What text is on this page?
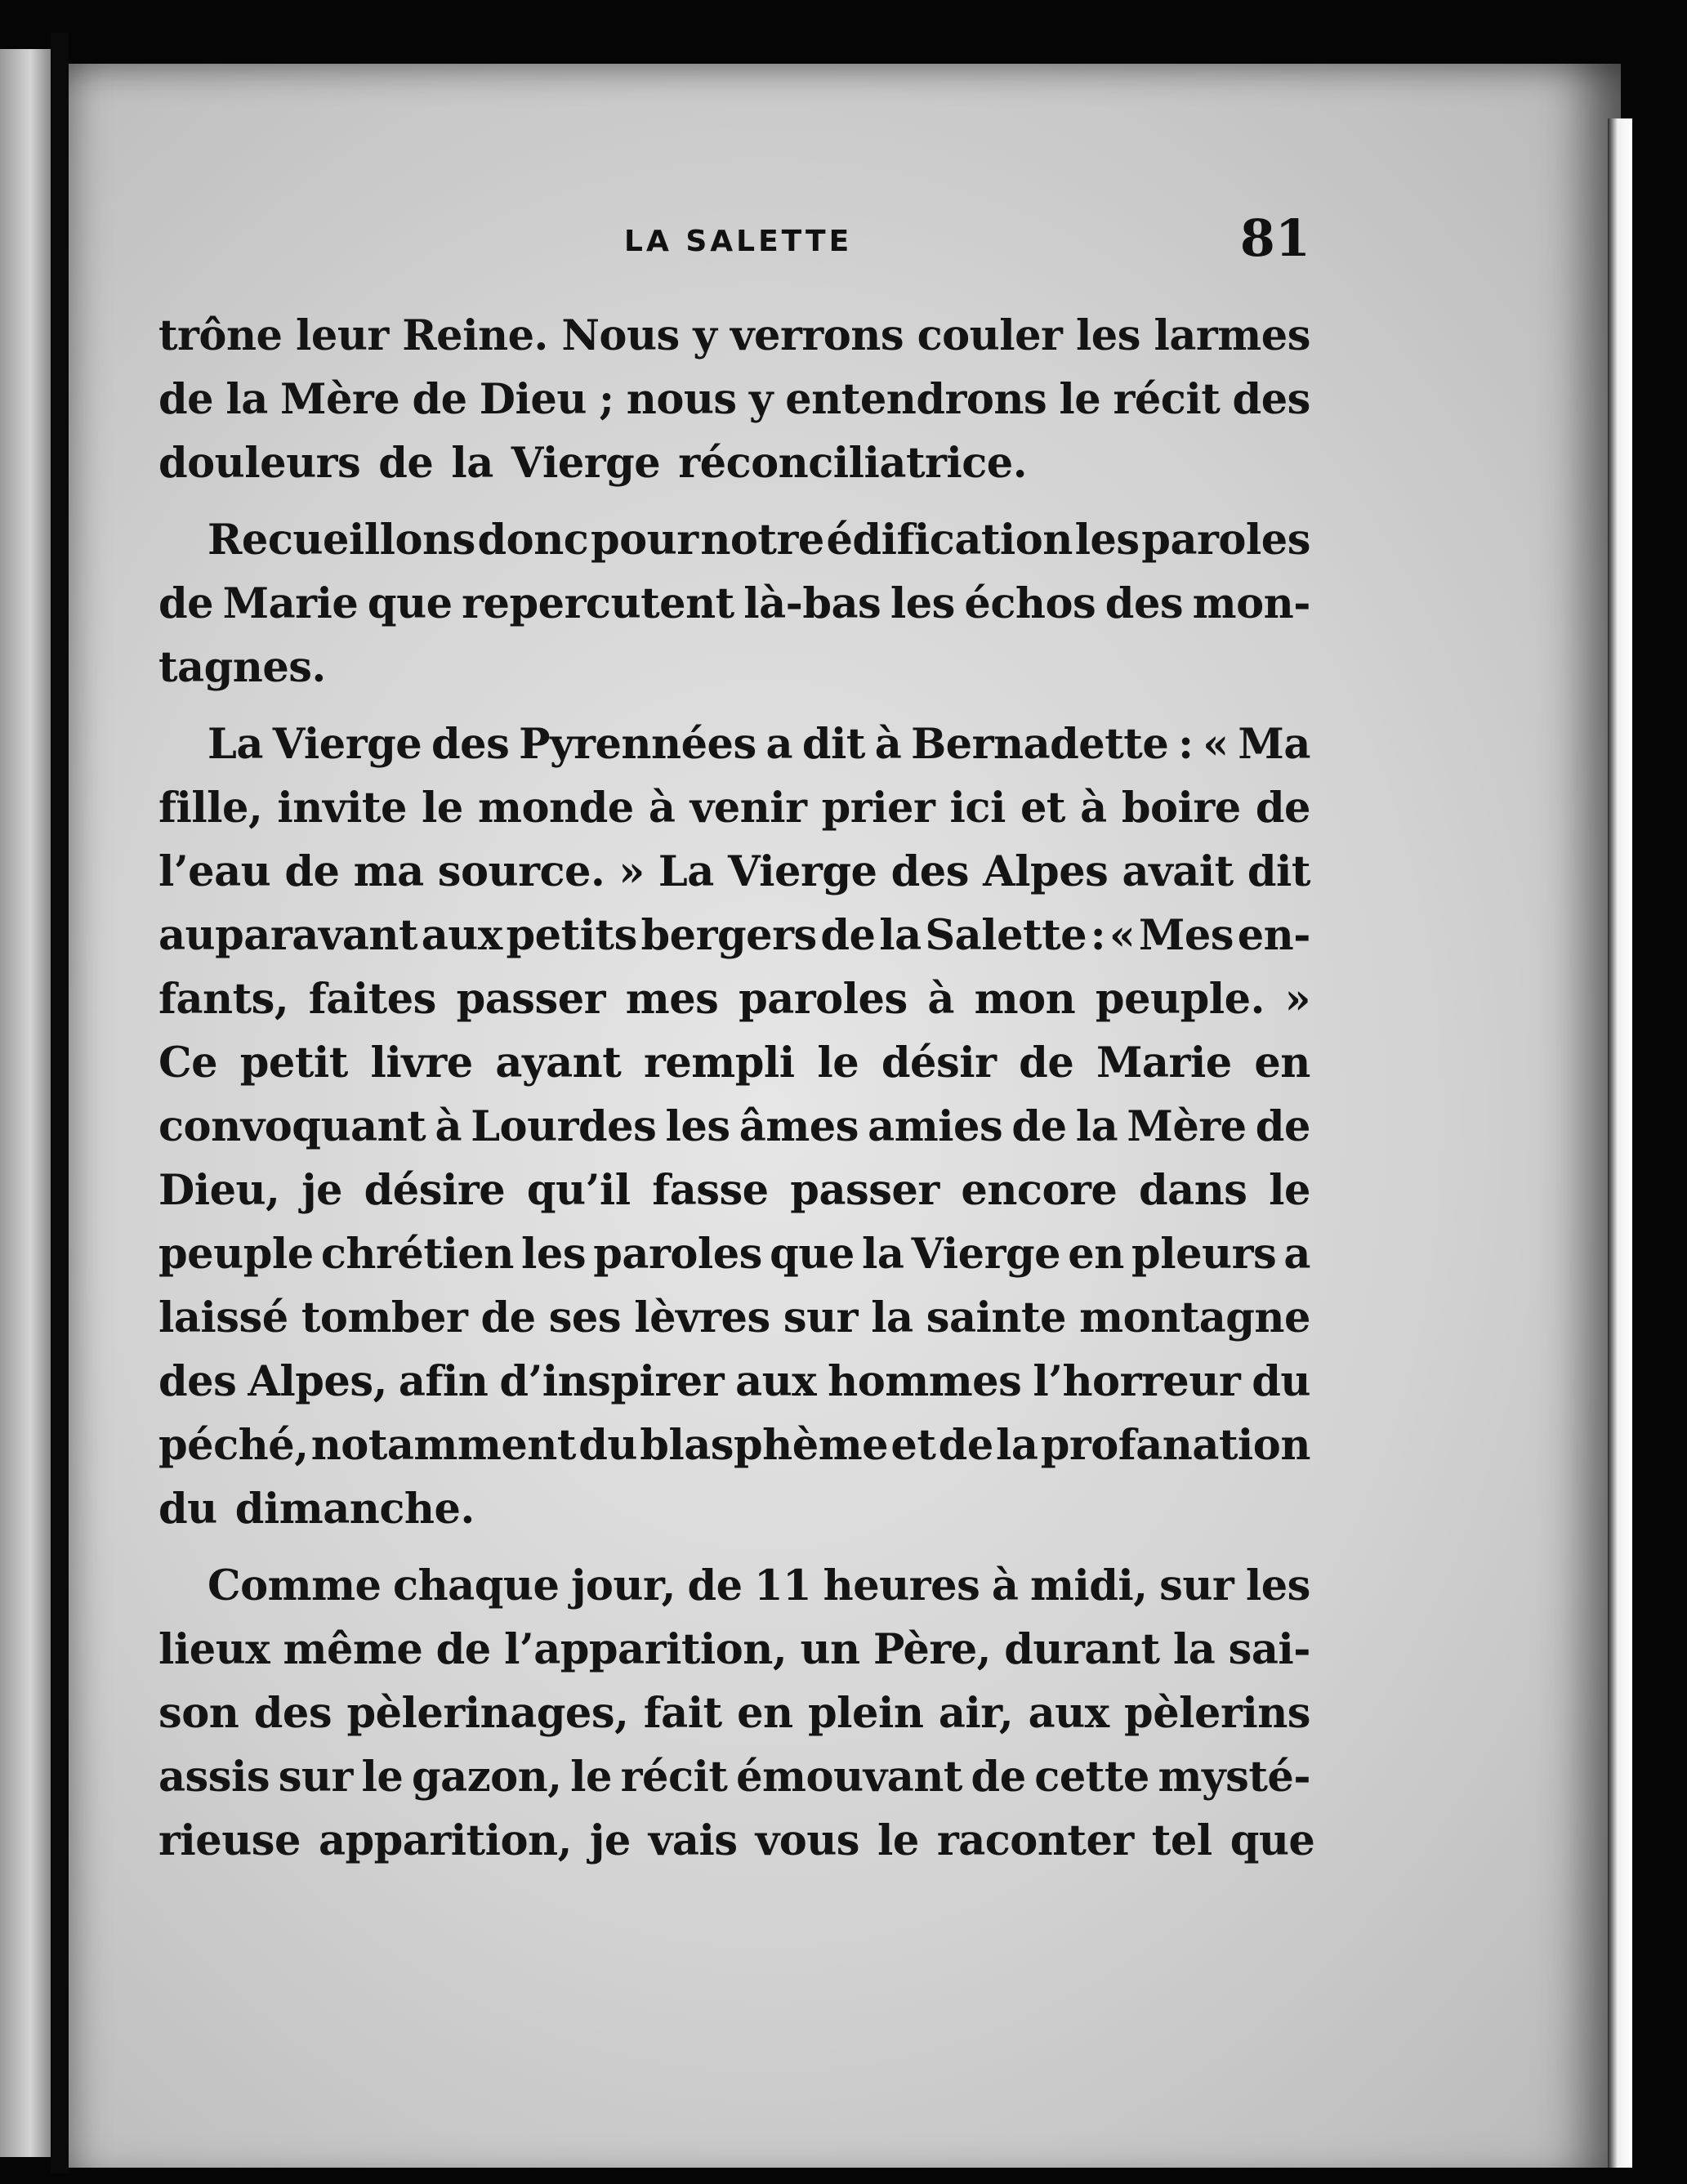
LA SALETTE	81
trône leur Reine. Nous y verrons couler les larmes
de la Mère de Dieu ; nous y entendrons le récit des
douleurs de la Vierge réconciliatrice.
Recueillons donc pour notre édification les paroles
de Marie que repercutent là-bas les échos des mon-
tagnes.
La Vierge des Pyrennées a dit à Bernadette : « Ma
fille, invite le monde à venir prier ici et à boire de
l’eau de ma source. » La Vierge des Alpes avait dit
auparavant aux petits bergers de la Salette : « Mes en-
fants, faites passer mes paroles à mon peuple. »
Ce petit livre ayant rempli le désir de Marie en
convoquant à Lourdes les âmes amies de la Mère de
Dieu, je désire qu’il fasse passer encore dans le
peuple chrétien les paroles que la Vierge en pleurs a
laissé tomber de ses lèvres sur la sainte montagne
des Alpes, afin d’inspirer aux hommes l’horreur du
péché, notamment du blasphème et de la profanation
du dimanche.
Comme chaque jour, de 11 heures à midi, sur les
lieux même de l’apparition, un Père, durant la sai-
son des pèlerinages, fait en plein air, aux pèlerins
assis sur le gazon, le récit émouvant de cette mysté-
rieuse apparition, je vais vous le raconter tel que
